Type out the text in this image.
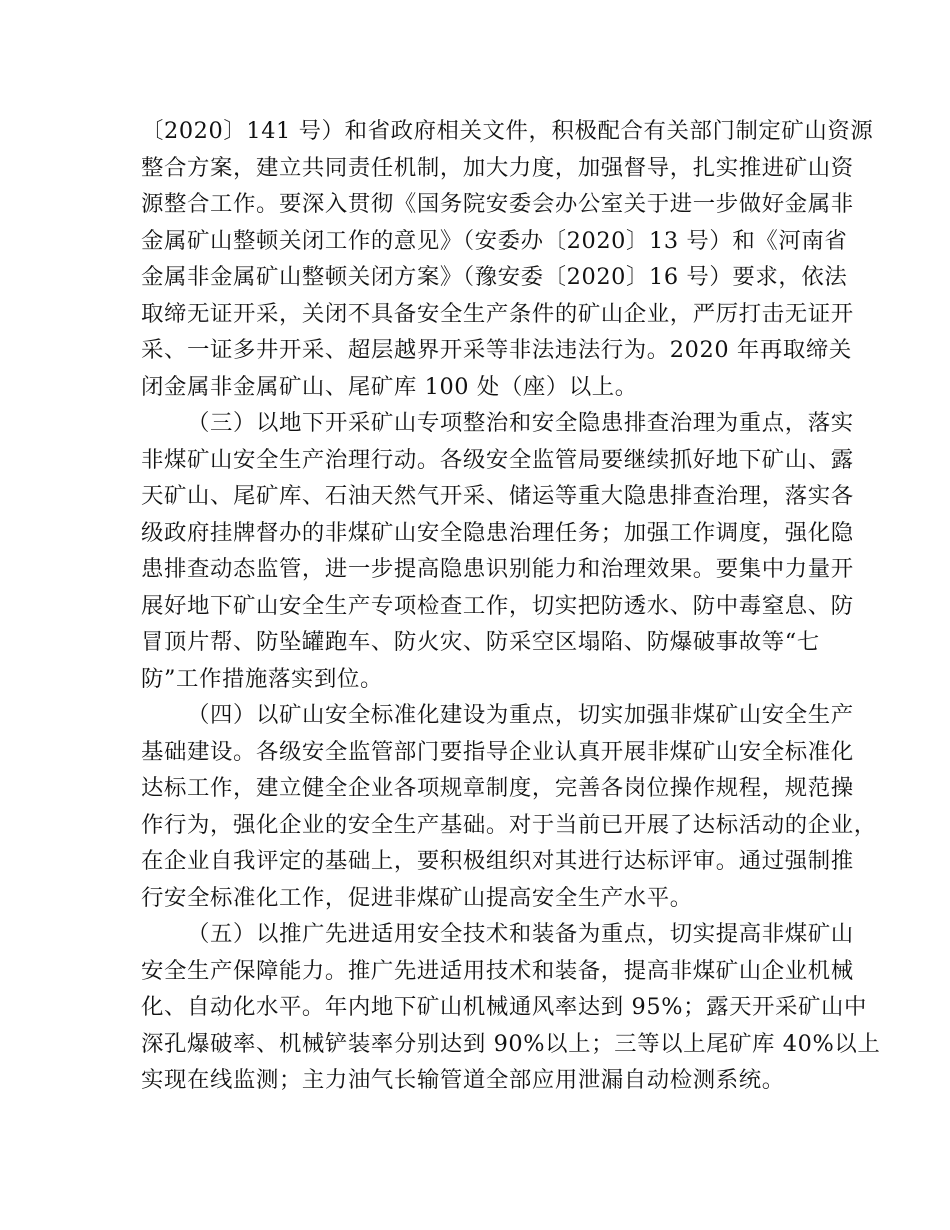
〔2020〕141 号）和省政府相关文件，积极配合有关部门制定矿山资源
整合方案，建立共同责任机制，加大力度，加强督导，扎实推进矿山资
源整合工作。要深入贯彻《国务院安委会办公室关于进一步做好金属非
金属矿山整顿关闭工作的意见》（安委办〔2020〕13 号）和《河南省
金属非金属矿山整顿关闭方案》（豫安委〔2020〕16 号）要求，依法
取缔无证开采，关闭不具备安全生产条件的矿山企业，严厉打击无证开
采、一证多井开采、超层越界开采等非法违法行为。2020 年再取缔关
闭金属非金属矿山、尾矿库 100 处（座）以上。
（三）以地下开采矿山专项整治和安全隐患排查治理为重点，落实
非煤矿山安全生产治理行动。各级安全监管局要继续抓好地下矿山、露
天矿山、尾矿库、石油天然气开采、储运等重大隐患排查治理，落实各
级政府挂牌督办的非煤矿山安全隐患治理任务；加强工作调度，强化隐
患排查动态监管，进一步提高隐患识别能力和治理效果。要集中力量开
展好地下矿山安全生产专项检查工作，切实把防透水、防中毒窒息、防
冒顶片帮、防坠罐跑车、防火灾、防采空区塌陷、防爆破事故等“七
防”工作措施落实到位。
（四）以矿山安全标准化建设为重点，切实加强非煤矿山安全生产
基础建设。各级安全监管部门要指导企业认真开展非煤矿山安全标准化
达标工作，建立健全企业各项规章制度，完善各岗位操作规程，规范操
作行为，强化企业的安全生产基础。对于当前已开展了达标活动的企业，
在企业自我评定的基础上，要积极组织对其进行达标评审。通过强制推
行安全标准化工作，促进非煤矿山提高安全生产水平。
（五）以推广先进适用安全技术和装备为重点，切实提高非煤矿山
安全生产保障能力。推广先进适用技术和装备，提高非煤矿山企业机械
化、自动化水平。年内地下矿山机械通风率达到 95%；露天开采矿山中
深孔爆破率、机械铲装率分别达到 90%以上；三等以上尾矿库 40%以上
实现在线监测；主力油气长输管道全部应用泄漏自动检测系统。
